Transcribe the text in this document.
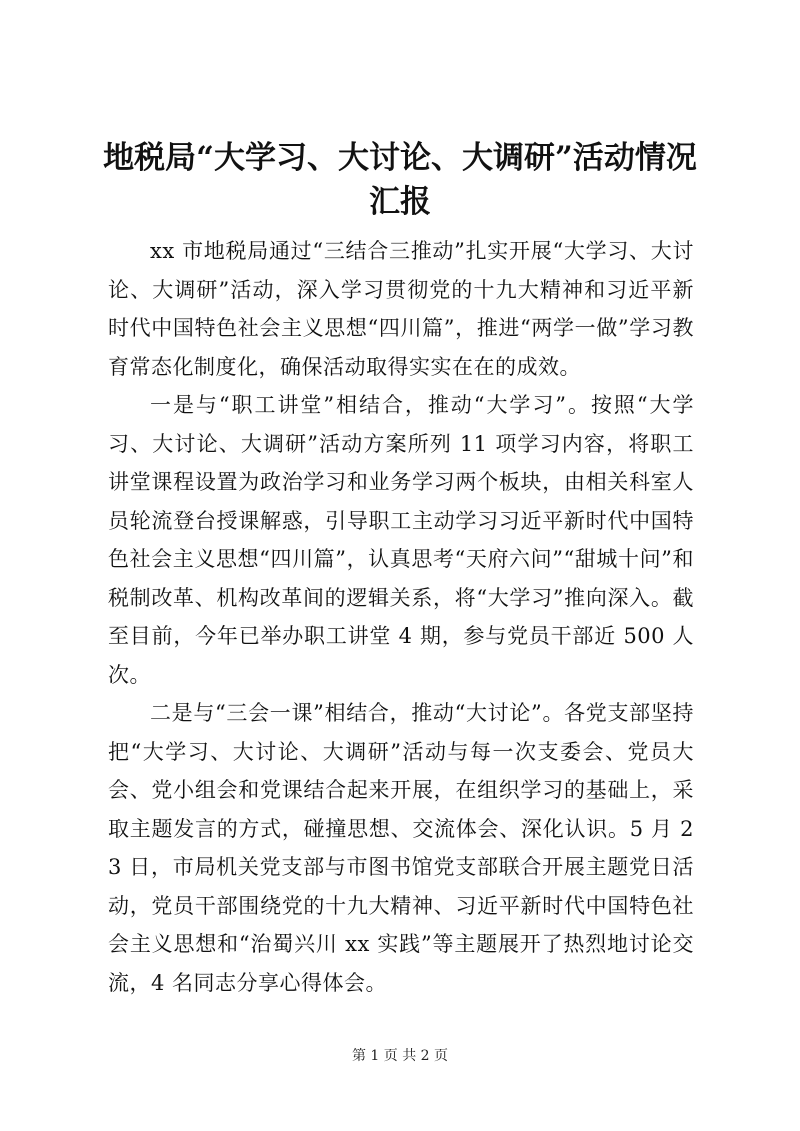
地税局“大学习、大讨论、大调研”活动情况
汇报

xx 市地税局通过“三结合三推动”扎实开展“大学习、大讨论、大调研”活动，深入学习贯彻党的十九大精神和习近平新时代中国特色社会主义思想“四川篇”，推进“两学一做”学习教育常态化制度化，确保活动取得实实在在的成效。

一是与“职工讲堂”相结合，推动“大学习”。按照“大学习、大讨论、大调研”活动方案所列 11 项学习内容，将职工讲堂课程设置为政治学习和业务学习两个板块，由相关科室人员轮流登台授课解惑，引导职工主动学习习近平新时代中国特色社会主义思想“四川篇”，认真思考“天府六问”“甜城十问”和税制改革、机构改革间的逻辑关系，将“大学习”推向深入。截至目前，今年已举办职工讲堂 4 期，参与党员干部近 500 人次。

二是与“三会一课”相结合，推动“大讨论”。各党支部坚持把“大学习、大讨论、大调研”活动与每一次支委会、党员大会、党小组会和党课结合起来开展，在组织学习的基础上，采取主题发言的方式，碰撞思想、交流体会、深化认识。5 月 23 日，市局机关党支部与市图书馆党支部联合开展主题党日活动，党员干部围绕党的十九大精神、习近平新时代中国特色社会主义思想和“治蜀兴川 xx 实践”等主题展开了热烈地讨论交流，4 名同志分享心得体会。

第 1 页 共 2 页
